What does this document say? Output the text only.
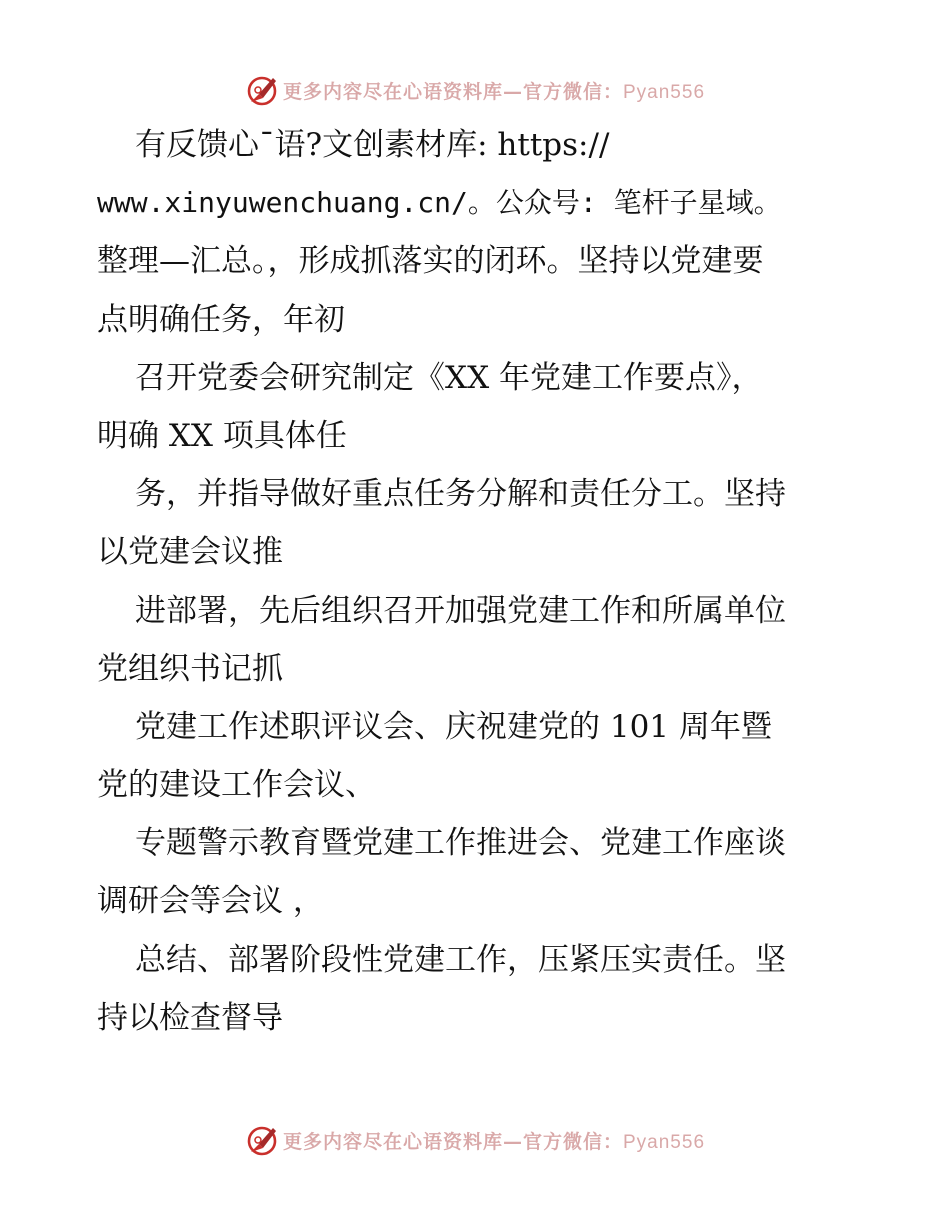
更多内容尽在心语资料库—官方微信：Pyan556
有反馈心¯语?文创素材库: https://
www.xinyuwenchuang.cn/。公众号: 笔杆子星域。
整理—汇总。，形成抓落实的闭环。坚持以党建要
点明确任务，年初
召开党委会研究制定《XX 年党建工作要点》，
明确 XX 项具体任
务，并指导做好重点任务分解和责任分工。坚持
以党建会议推
进部署，先后组织召开加强党建工作和所属单位
党组织书记抓
党建工作述职评议会、庆祝建党的 101 周年暨
党的建设工作会议、
专题警示教育暨党建工作推进会、党建工作座谈
调研会等会议 ，
总结、部署阶段性党建工作，压紧压实责任。坚
持以检查督导
更多内容尽在心语资料库—官方微信：Pyan556
